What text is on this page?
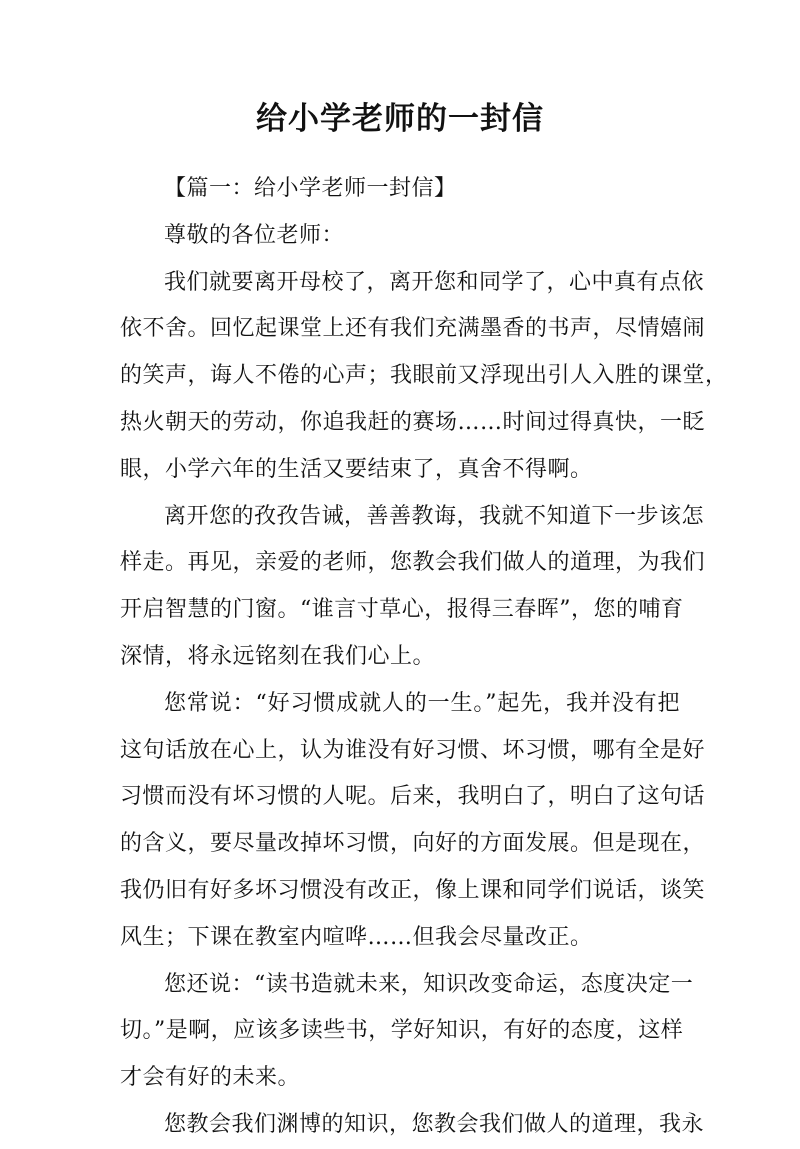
给小学老师的一封信
【篇一：给小学老师一封信】
尊敬的各位老师：
我们就要离开母校了，离开您和同学了，心中真有点依
依不舍。回忆起课堂上还有我们充满墨香的书声，尽情嬉闹
的笑声，诲人不倦的心声；我眼前又浮现出引人入胜的课堂，
热火朝天的劳动，你追我赶的赛场……时间过得真快，一眨
眼，小学六年的生活又要结束了，真舍不得啊。
离开您的孜孜告诫，善善教诲，我就不知道下一步该怎
样走。再见，亲爱的老师，您教会我们做人的道理，为我们
开启智慧的门窗。“谁言寸草心，报得三春晖”，您的哺育
深情，将永远铭刻在我们心上。
您常说：“好习惯成就人的一生。”起先，我并没有把
这句话放在心上，认为谁没有好习惯、坏习惯，哪有全是好
习惯而没有坏习惯的人呢。后来，我明白了，明白了这句话
的含义，要尽量改掉坏习惯，向好的方面发展。但是现在，
我仍旧有好多坏习惯没有改正，像上课和同学们说话，谈笑
风生；下课在教室内喧哗……但我会尽量改正。
您还说：“读书造就未来，知识改变命运，态度决定一
切。”是啊，应该多读些书，学好知识，有好的态度，这样
才会有好的未来。
您教会我们渊博的知识，您教会我们做人的道理，我永
